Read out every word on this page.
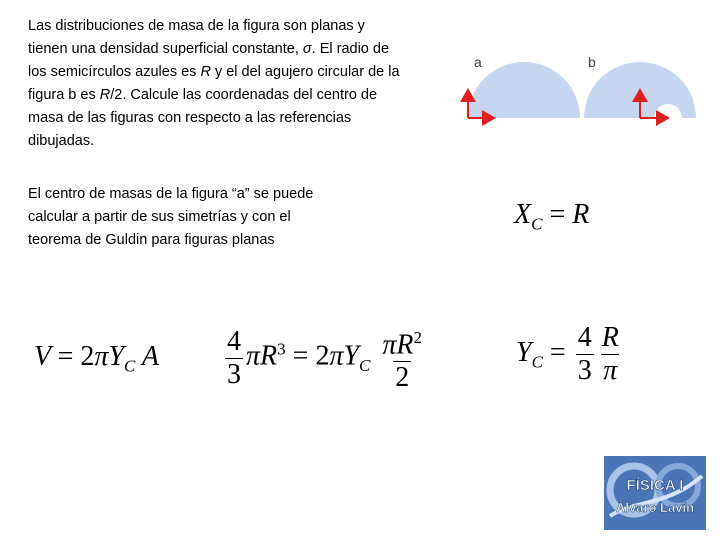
Las distribuciones de masa de la figura son planas y
tienen una densidad superficial constante, σ. El radio de
los semicírculos azules es R y el del agujero circular de la
figura b es R/2. Calcule las coordenadas del centro de
masa de las figuras con respecto a las referencias
dibujadas.

El centro de masas de la figura “a” se puede
calcular a partir de sus simetrías y con el
teorema de Guldin para figuras planas

a	b
$X_C = R$
$V = 2\pi Y_C$ A $\frac{4}{3} \pi R^3 = 2\pi Y_C \frac{\pi R^2}{2}$	$Y_C = \frac{4}{3} \frac{R}{\pi}$
FÍSICA I
Álvaro Lavín
